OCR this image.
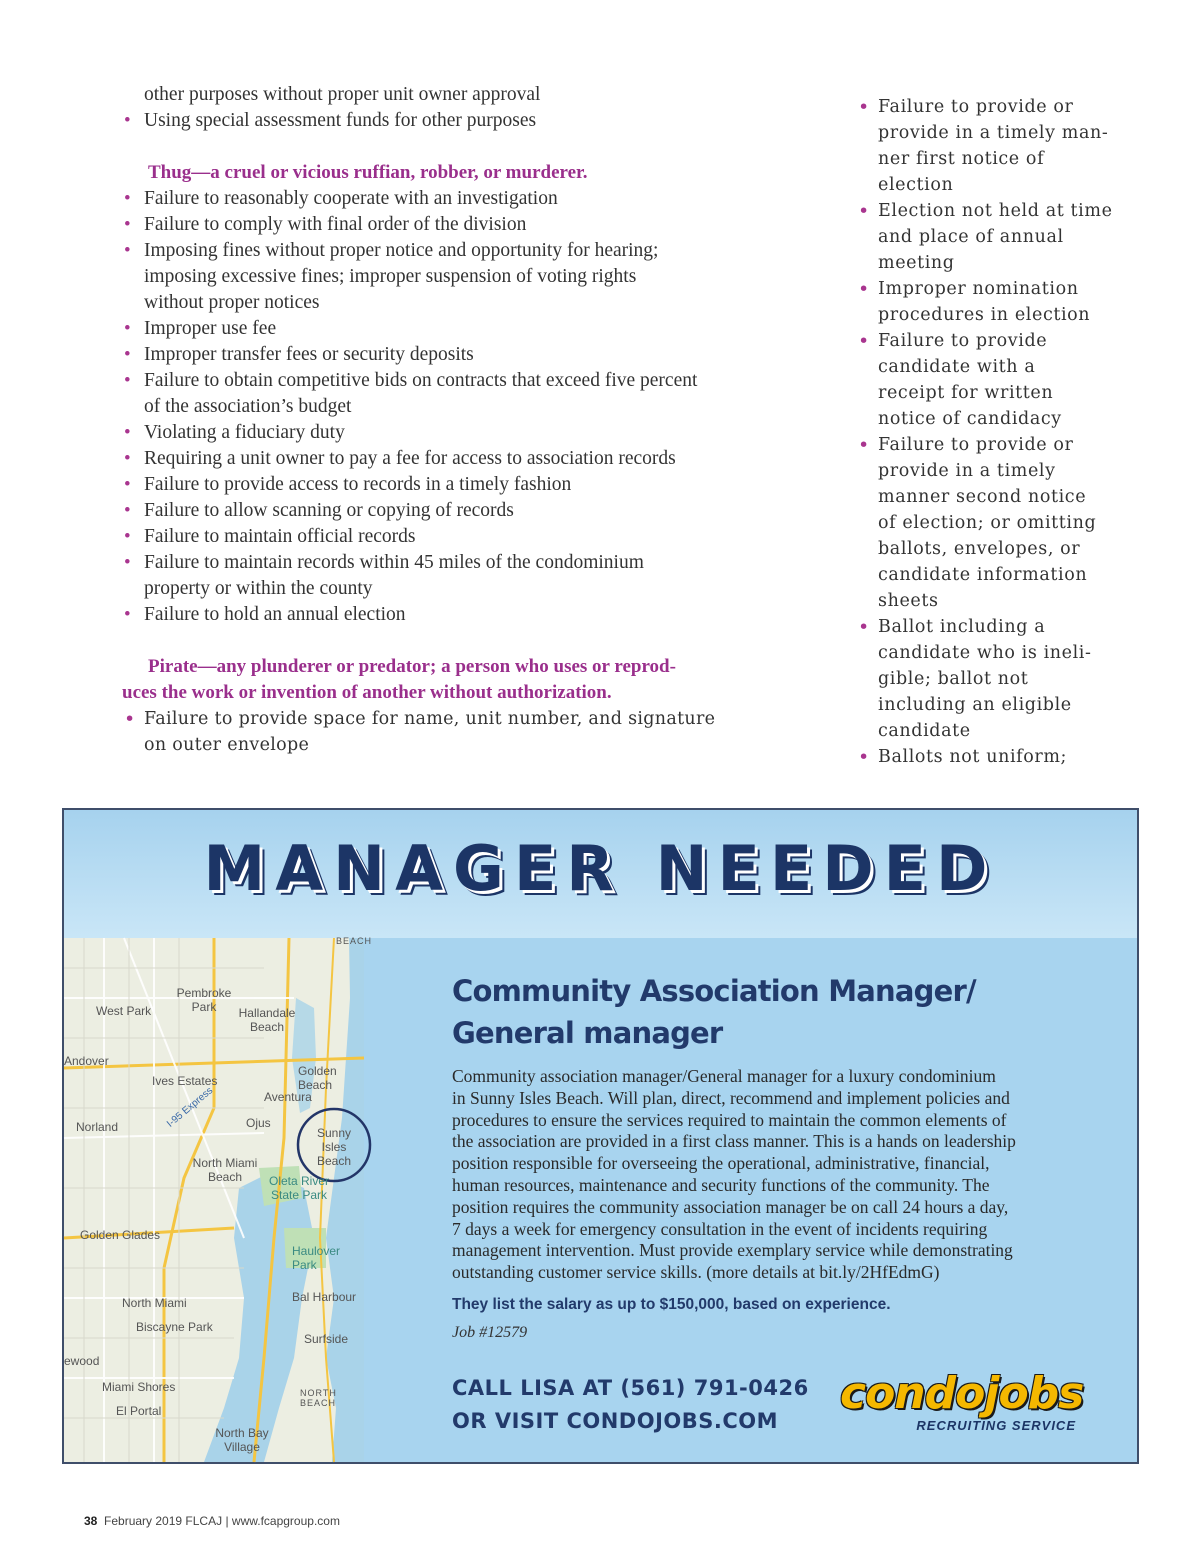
other purposes without proper unit owner approval
• Using special assessment funds for other purposes
Thug—a cruel or vicious ruffian, robber, or murderer.
• Failure to reasonably cooperate with an investigation
• Failure to comply with final order of the division
• Imposing fines without proper notice and opportunity for hearing;
imposing excessive fines; improper suspension of voting rights
without proper notices
• Improper use fee
• Improper transfer fees or security deposits
• Failure to obtain competitive bids on contracts that exceed five percent
of the association’s budget
• Violating a fiduciary duty
• Requiring a unit owner to pay a fee for access to association records
• Failure to provide access to records in a timely fashion
• Failure to allow scanning or copying of records
• Failure to maintain official records
• Failure to maintain records within 45 miles of the condominium
property or within the county
• Failure to hold an annual election
Pirate—any plunderer or predator; a person who uses or reprod-
uces the work or invention of another without authorization.
• Failure to provide space for name, unit number, and signature
on outer envelope
• Failure to provide or
provide in a timely man-
ner first notice of election
• Election not held at time
and place of annual
meeting
• Improper nomination
procedures in election
• Failure to provide
candidate with a
receipt for written
notice of candidacy
• Failure to provide or
provide in a timely
manner second notice
of election; or omitting
ballots, envelopes, or
candidate information
sheets
• Ballot including a
candidate who is ineli-
gible; ballot not
including an eligible
candidate
• Ballots not uniform;
MANAGER NEEDED
West Park
Pembroke Park	Hallandale Beach
Andover
Ives Estates
Golden Beach
Aventura
Ojus
Norland	Sunny Isles Beach
North Miami Beach	Oleta River State Park
Golden Glades
Haulover Park
North Miami	Bal Harbour
Biscayne Park
Surfside
Miami Shores
El Portal
North Bay Village
NORTH BEACH
BEACH
I-95 Express
ewood
Community Association Manager/
General manager
Community association manager/General manager for a luxury condominium
in Sunny Isles Beach. Will plan, direct, recommend and implement policies and
procedures to ensure the services required to maintain the common elements of
the association are provided in a first class manner. This is a hands on leadership
position responsible for overseeing the operational, administrative, financial,
human resources, maintenance and security functions of the community. The
position requires the community association manager be on call 24 hours a day,
7 days a week for emergency consultation in the event of incidents requiring
management intervention. Must provide exemplary service while demonstrating
outstanding customer service skills. (more details at bit.ly/2HfEdmG)
They list the salary as up to $150,000, based on experience.
Job #12579
CALL LISA AT (561) 791-0426
OR VISIT CONDOJOBS.COM
condojobs
RECRUITING SERVICE
38 February 2019 FLCAJ | www.fcapgroup.com
